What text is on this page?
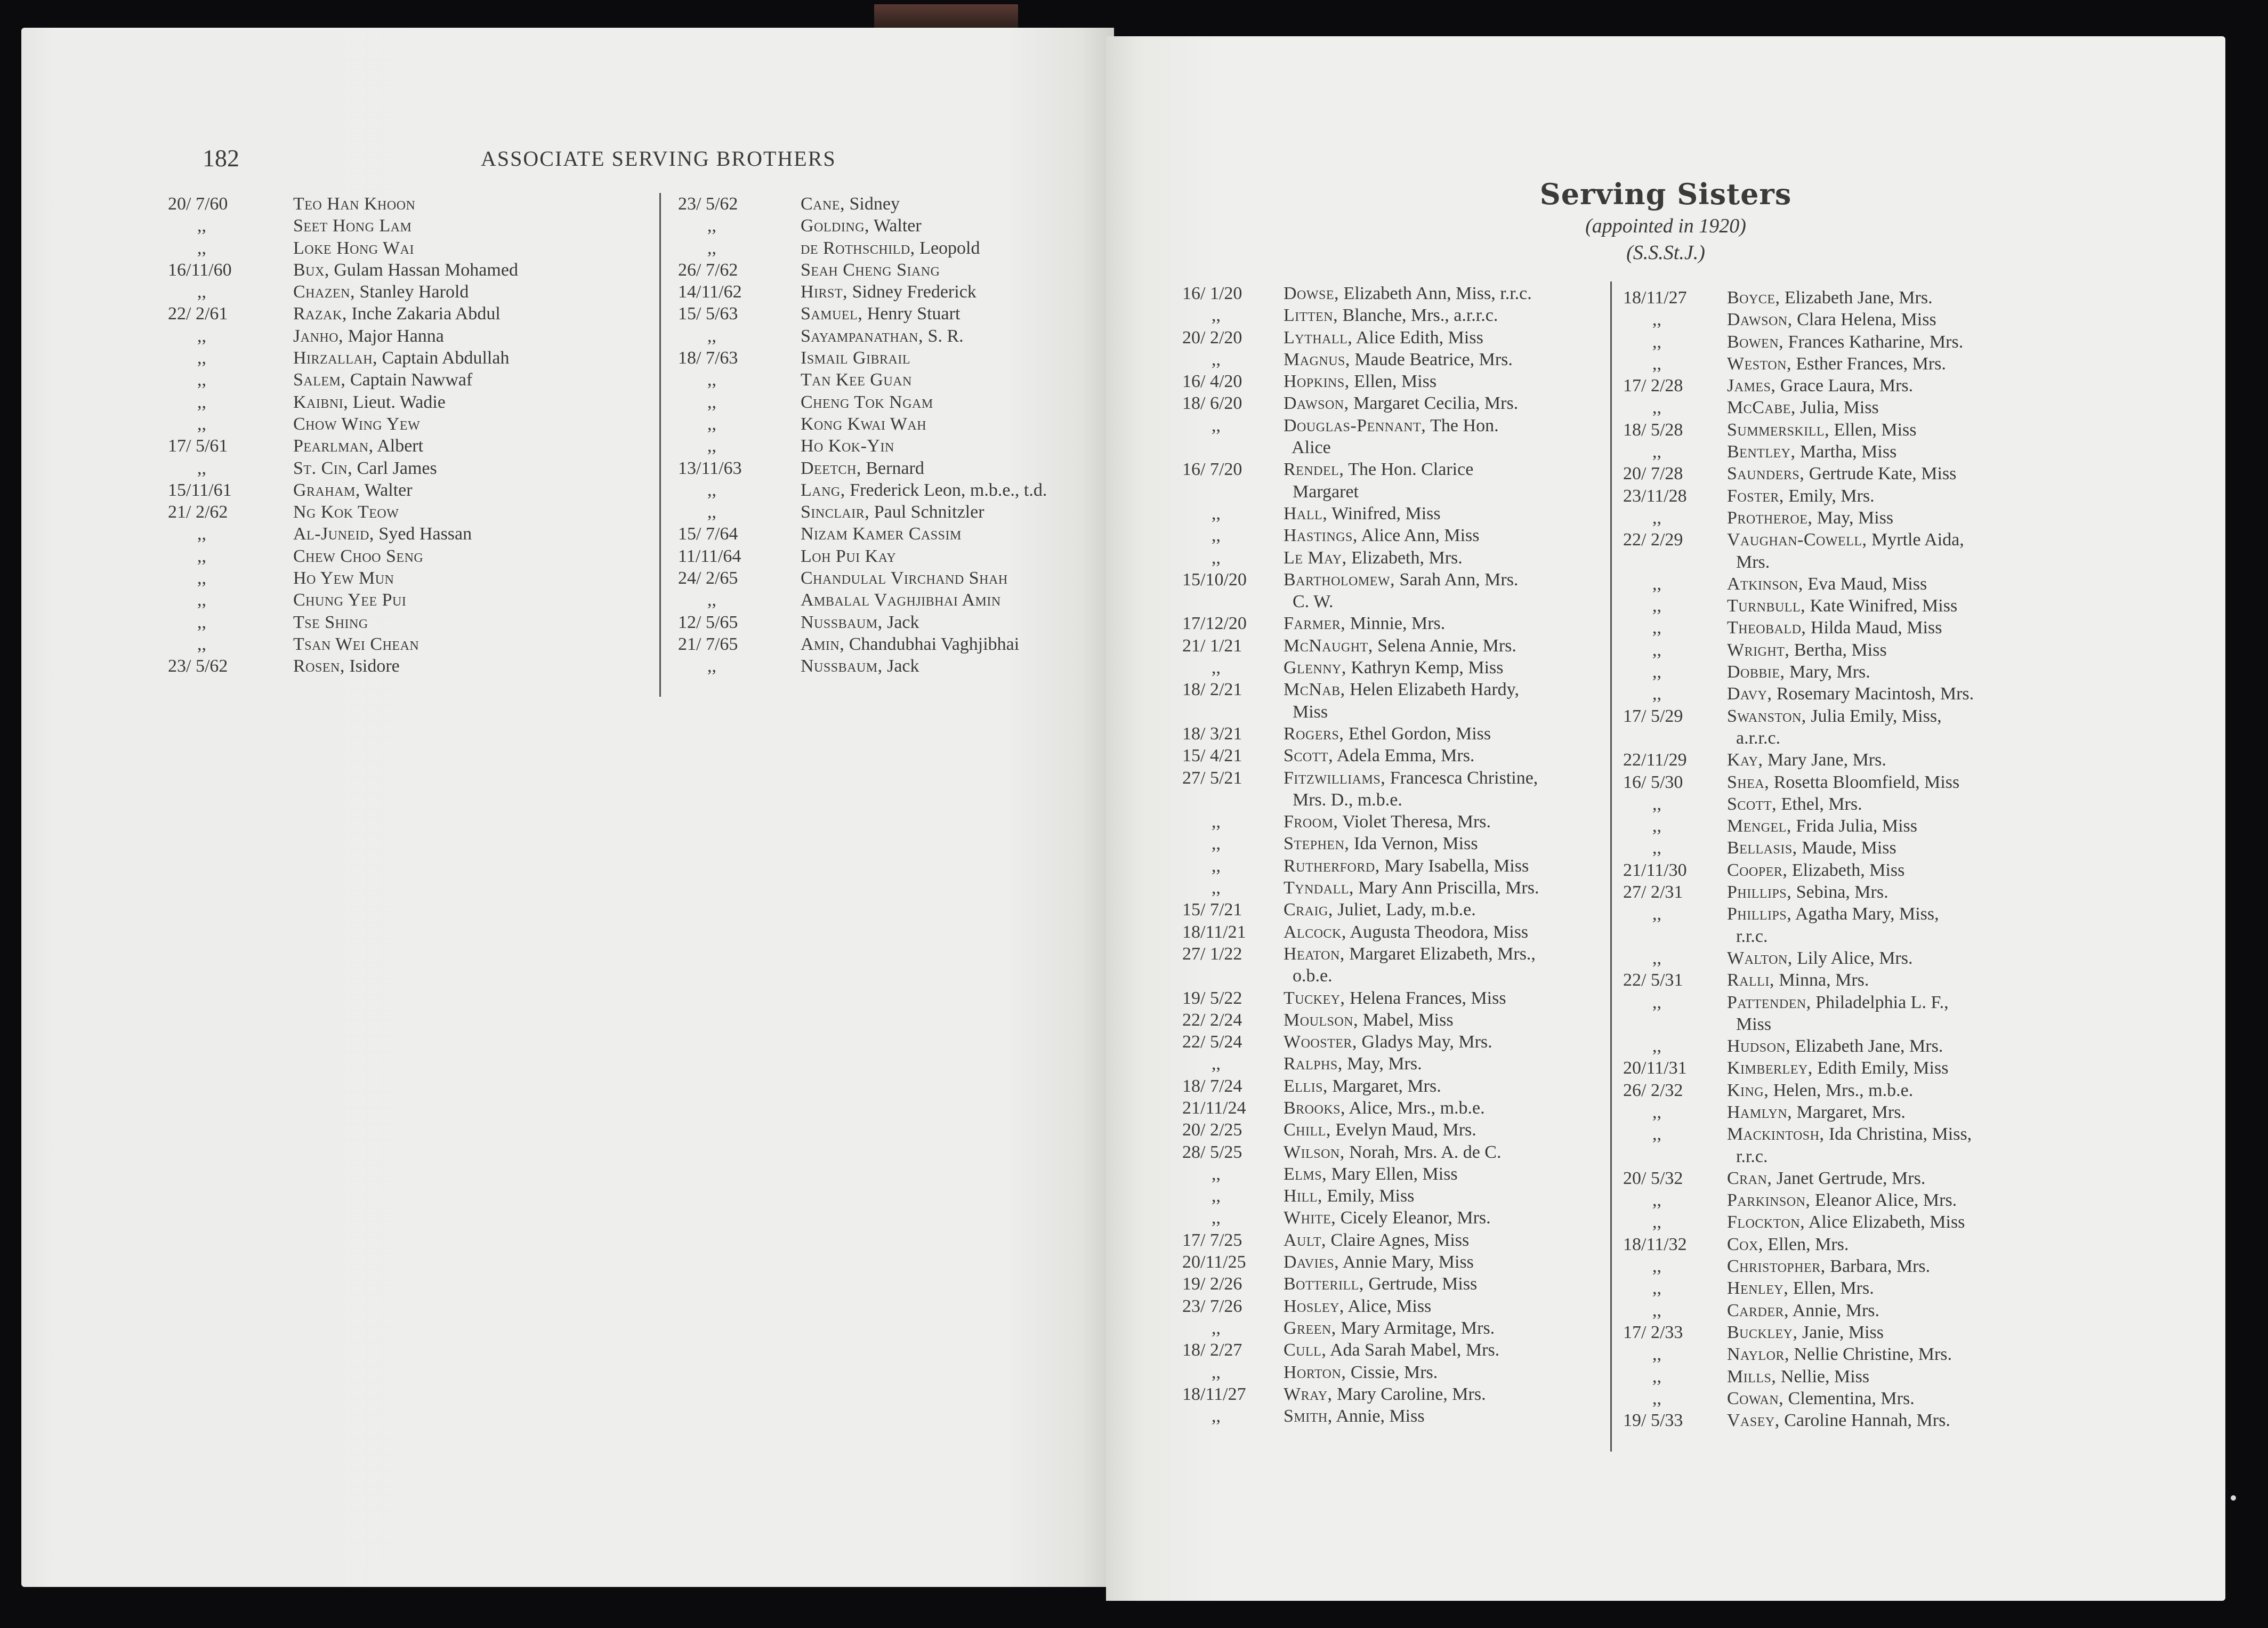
182	ASSOCIATE SERVING BROTHERS
20/ 7/60	Teo Han Khoon
,,	Seet Hong Lam
,,	Loke Hong Wai
16/11/60	Bux, Gulam Hassan Mohamed
,,	Chazen, Stanley Harold
22/ 2/61	Razak, Inche Zakaria Abdul
,,	Janho, Major Hanna
,,	Hirzallah, Captain Abdullah
,,	Salem, Captain Nawwaf
,,	Kaibni, Lieut. Wadie
,,	Chow Wing Yew
17/ 5/61	Pearlman, Albert
,,	St. Cin, Carl James
15/11/61	Graham, Walter
21/ 2/62	Ng Kok Teow
,,	Al-Juneid, Syed Hassan
,,	Chew Choo Seng
,,	Ho Yew Mun
,,	Chung Yee Pui
,,	Tse Shing
,,	Tsan Wei Chean
23/ 5/62	Rosen, Isidore
23/ 5/62	Cane, Sidney
,,	Golding, Walter
,,	de Rothschild, Leopold
26/ 7/62	Seah Cheng Siang
14/11/62	Hirst, Sidney Frederick
15/ 5/63	Samuel, Henry Stuart
,,	Sayampanathan, S. R.
18/ 7/63	Ismail Gibrail
,,	Tan Kee Guan
,,	Cheng Tok Ngam
,,	Kong Kwai Wah
,,	Ho Kok-Yin
13/11/63	Deetch, Bernard
,,	Lang, Frederick Leon, m.b.e., t.d.
,,	Sinclair, Paul Schnitzler
15/ 7/64	Nizam Kamer Cassim
11/11/64	Loh Pui Kay
24/ 2/65	Chandulal Virchand Shah
,,	Ambalal Vaghjibhai Amin
12/ 5/65	Nussbaum, Jack
21/ 7/65	Amin, Chandubhai Vaghjibhai
,,	Nussbaum, Jack
Serving Sisters
(appointed in 1920)
(S.S.St.J.)
16/ 1/20 Dowse, Elizabeth Ann, Miss, r.r.c.
,,	Litten, Blanche, Mrs., a.r.r.c.
20/ 2/20 Lythall, Alice Edith, Miss
,,	Magnus, Maude Beatrice, Mrs.
16/ 4/20 Hopkins, Ellen, Miss
18/ 6/20 Dawson, Margaret Cecilia, Mrs.
,,	Douglas-Pennant, The Hon.
Alice
16/ 7/20 Rendel, The Hon. Clarice
Margaret
,,	Hall, Winifred, Miss
,,	Hastings, Alice Ann, Miss
,,	Le May, Elizabeth, Mrs.
15/10/20 Bartholomew, Sarah Ann, Mrs.
C. W.
17/12/20 Farmer, Minnie, Mrs.
21/ 1/21 McNaught, Selena Annie, Mrs.
,,	Glenny, Kathryn Kemp, Miss
18/ 2/21 McNab, Helen Elizabeth Hardy,
Miss
18/ 3/21 Rogers, Ethel Gordon, Miss
15/ 4/21 Scott, Adela Emma, Mrs.
27/ 5/21 Fitzwilliams, Francesca Christine,
Mrs. D., m.b.e.
,,	Froom, Violet Theresa, Mrs.
,,	Stephen, Ida Vernon, Miss
,,	Rutherford, Mary Isabella, Miss
,,	Tyndall, Mary Ann Priscilla, Mrs.
15/ 7/21 Craig, Juliet, Lady, m.b.e.
18/11/21 Alcock, Augusta Theodora, Miss
27/ 1/22 Heaton, Margaret Elizabeth, Mrs.,
o.b.e.
19/ 5/22 Tuckey, Helena Frances, Miss
22/ 2/24 Moulson, Mabel, Miss
22/ 5/24 Wooster, Gladys May, Mrs.
,,	Ralphs, May, Mrs.
18/ 7/24 Ellis, Margaret, Mrs.
21/11/24 Brooks, Alice, Mrs., m.b.e.
20/ 2/25 Chill, Evelyn Maud, Mrs.
28/ 5/25 Wilson, Norah, Mrs. A. de C.
,,	Elms, Mary Ellen, Miss
,,	Hill, Emily, Miss
,,	White, Cicely Eleanor, Mrs.
17/ 7/25 Ault, Claire Agnes, Miss
20/11/25 Davies, Annie Mary, Miss
19/ 2/26 Botterill, Gertrude, Miss
23/ 7/26 Hosley, Alice, Miss
,,	Green, Mary Armitage, Mrs.
18/ 2/27 Cull, Ada Sarah Mabel, Mrs.
,,	Horton, Cissie, Mrs.
18/11/27 Wray, Mary Caroline, Mrs.
,,	Smith, Annie, Miss
18/11/27 Boyce, Elizabeth Jane, Mrs.
,,	Dawson, Clara Helena, Miss
,,	Bowen, Frances Katharine, Mrs.
,,	Weston, Esther Frances, Mrs.
17/ 2/28 James, Grace Laura, Mrs.
,,	McCabe, Julia, Miss
18/ 5/28 Summerskill, Ellen, Miss
,,	Bentley, Martha, Miss
20/ 7/28 Saunders, Gertrude Kate, Miss
23/11/28 Foster, Emily, Mrs.
,,	Protheroe, May, Miss
22/ 2/29 Vaughan-Cowell, Myrtle Aida,
Mrs.
,,	Atkinson, Eva Maud, Miss
,,	Turnbull, Kate Winifred, Miss
,,	Theobald, Hilda Maud, Miss
,,	Wright, Bertha, Miss
,,	Dobbie, Mary, Mrs.
,,	Davy, Rosemary Macintosh, Mrs.
17/ 5/29 Swanston, Julia Emily, Miss,
a.r.r.c.
22/11/29 Kay, Mary Jane, Mrs.
16/ 5/30 Shea, Rosetta Bloomfield, Miss
,,	Scott, Ethel, Mrs.
,,	Mengel, Frida Julia, Miss
,,	Bellasis, Maude, Miss
21/11/30 Cooper, Elizabeth, Miss
27/ 2/31 Phillips, Sebina, Mrs.
,,	Phillips, Agatha Mary, Miss,
r.r.c.
,,	Walton, Lily Alice, Mrs.
22/ 5/31 Ralli, Minna, Mrs.
,,	Pattenden, Philadelphia L. F.,
Miss
,,	Hudson, Elizabeth Jane, Mrs.
20/11/31 Kimberley, Edith Emily, Miss
26/ 2/32 King, Helen, Mrs., m.b.e.
,,	Hamlyn, Margaret, Mrs.
,,	Mackintosh, Ida Christina, Miss,
r.r.c.
20/ 5/32 Cran, Janet Gertrude, Mrs.
,,	Parkinson, Eleanor Alice, Mrs.
,,	Flockton, Alice Elizabeth, Miss
18/11/32 Cox, Ellen, Mrs.
,,	Christopher, Barbara, Mrs.
,,	Henley, Ellen, Mrs.
,,	Carder, Annie, Mrs.
17/ 2/33 Buckley, Janie, Miss
,,	Naylor, Nellie Christine, Mrs.
,,	Mills, Nellie, Miss
,,	Cowan, Clementina, Mrs.
19/ 5/33 Vasey, Caroline Hannah, Mrs.
